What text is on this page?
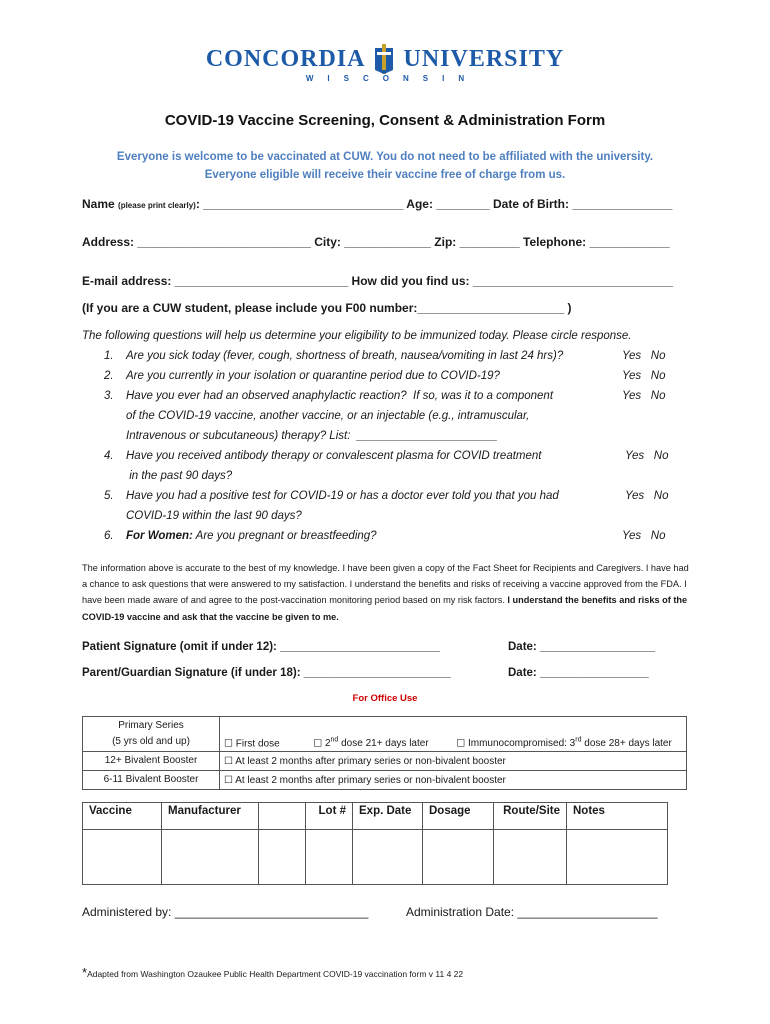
CONCORDIA UNIVERSITY
WISCONSIN
COVID-19 Vaccine Screening, Consent & Administration Form
Everyone is welcome to be vaccinated at CUW. You do not need to be affiliated with the university.
Everyone eligible will receive their vaccine free of charge from us.
Name (please print clearly): ______________________________ Age: ________ Date of Birth: _______________
Address: __________________________ City: _____________ Zip: _________ Telephone: ____________
E-mail address: __________________________ How did you find us: ______________________________
(If you are a CUW student, please include you F00 number:______________________ )
The following questions will help us determine your eligibility to be immunized today. Please circle response.
1. Are you sick today (fever, cough, shortness of breath, nausea/vomiting in last 24 hrs)?	Yes   No
2. Are you currently in your isolation or quarantine period due to COVID-19?	Yes   No
3. Have you ever had an observed anaphylactic reaction?  If so, was it to a component	Yes   No
of the COVID-19 vaccine, another vaccine, or an injectable (e.g., intramuscular,
Intravenous or subcutaneous) therapy? List:  ______________________
4. Have you received antibody therapy or convalescent plasma for COVID treatment	Yes   No
in the past 90 days?
5. Have you had a positive test for COVID-19 or has a doctor ever told you that you had	Yes   No
COVID-19 within the last 90 days?
6. For Women: Are you pregnant or breastfeeding?	Yes   No
The information above is accurate to the best of my knowledge. I have been given a copy of the Fact Sheet for Recipients and Caregivers. I have had a chance to ask questions that were answered to my satisfaction. I understand the benefits and risks of receiving a vaccine approved from the FDA. I have been made aware of and agree to the post-vaccination monitoring period based on my risk factors. I understand the benefits and risks of the COVID-19 vaccine and ask that the vaccine be given to me.
Patient Signature (omit if under 12): _________________________	Date: __________________
Parent/Guardian Signature (if under 18): _______________________	Date: _________________
For Office Use
Primary Series
(5 yrs old and up)	☐ First dose ☐ 2nd dose 21+ days later ☐ Immunocompromised: 3rd dose 28+ days later
12+ Bivalent Booster	☐ At least 2 months after primary series or non-bivalent booster
6-11 Bivalent Booster	☐ At least 2 months after primary series or non-bivalent booster
Vaccine	Manufacturer		Lot #	Exp. Date	Dosage	Route/Site	Notes

Administered by: _____________________________	Administration Date: _____________________
*Adapted from Washington Ozaukee Public Health Department COVID-19 vaccination form v 11 4 22
